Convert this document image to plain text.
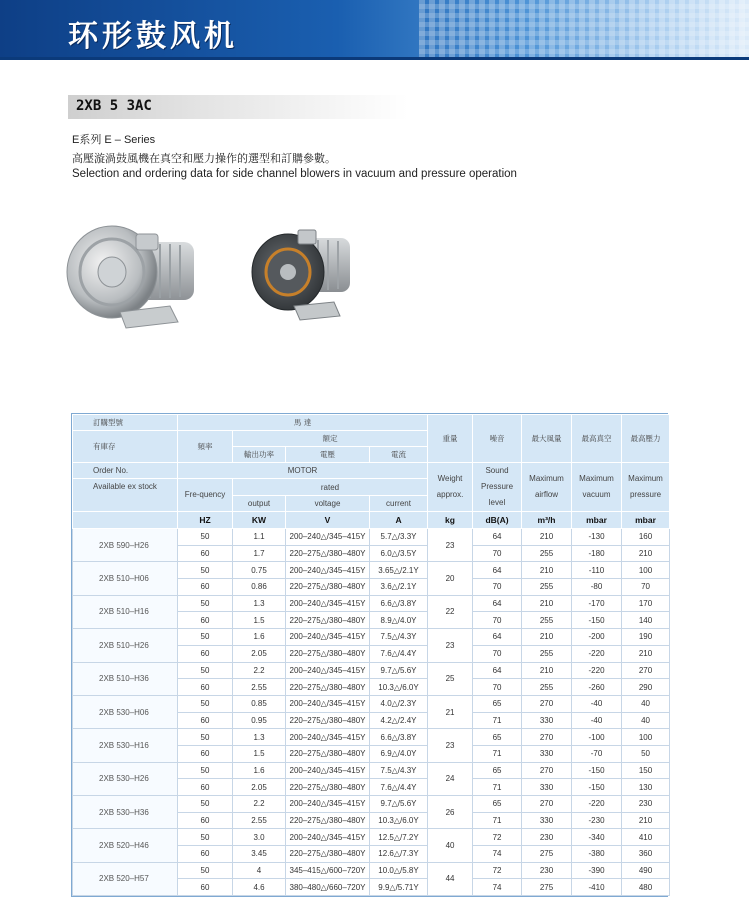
环形鼓风机
2XB 5 3AC
E系列 E – Series
高壓漩渦鼓風機在真空和壓力操作的選型和訂購參數。
Selection and ordering data for side channel blowers in vacuum and pressure operation
訂購型號	馬 達				重量	噪音	最大風量	最高真空	最高壓力
有庫存	頻率	額定							
		輸出功率	電壓	電流					
Order No.	MOTOR				Weight approx.	Sound Pressure level	Maximum airflow	Maximum vacuum	Maximum pressure
Available ex stock	Fre-quency	rated							
		output	voltage	current					
	HZ	KW	V	A	kg	dB(A)	m³/h	mbar	mbar
2XB 590–H26	50	1.1	200–240△/345–415Y	5.7△/3.3Y	23	64	210	-130	160
	60	1.7	220–275△/380–480Y	6.0△/3.5Y		70	255	-180	210
2XB 510–H06	50	0.75	200–240△/345–415Y	3.65△/2.1Y	20	64	210	-110	100
	60	0.86	220–275△/380–480Y	3.6△/2.1Y		70	255	-80	70
2XB 510–H16	50	1.3	200–240△/345–415Y	6.6△/3.8Y	22	64	210	-170	170
	60	1.5	220–275△/380–480Y	8.9△/4.0Y		70	255	-150	140
2XB 510–H26	50	1.6	200–240△/345–415Y	7.5△/4.3Y	23	64	210	-200	190
	60	2.05	220–275△/380–480Y	7.6△/4.4Y		70	255	-220	210
2XB 510–H36	50	2.2	200–240△/345–415Y	9.7△/5.6Y	25	64	210	-220	270
	60	2.55	220–275△/380–480Y	10.3△/6.0Y		70	255	-260	290
2XB 530–H06	50	0.85	200–240△/345–415Y	4.0△/2.3Y	21	65	270	-40	40
	60	0.95	220–275△/380–480Y	4.2△/2.4Y		71	330	-40	40
2XB 530–H16	50	1.3	200–240△/345–415Y	6.6△/3.8Y	23	65	270	-100	100
	60	1.5	220–275△/380–480Y	6.9△/4.0Y		71	330	-70	50
2XB 530–H26	50	1.6	200–240△/345–415Y	7.5△/4.3Y	24	65	270	-150	150
	60	2.05	220–275△/380–480Y	7.6△/4.4Y		71	330	-150	130
2XB 530–H36	50	2.2	200–240△/345–415Y	9.7△/5.6Y	26	65	270	-220	230
	60	2.55	220–275△/380–480Y	10.3△/6.0Y		71	330	-230	210
2XB 520–H46	50	3.0	200–240△/345–415Y	12.5△/7.2Y	40	72	230	-340	410
	60	3.45	220–275△/380–480Y	12.6△/7.3Y		74	275	-380	360
2XB 520–H57	50	4	345–415△/600–720Y	10.0△/5.8Y	44	72	230	-390	490
	60	4.6	380–480△/660–720Y	9.9△/5.71Y		74	275	-410	480
